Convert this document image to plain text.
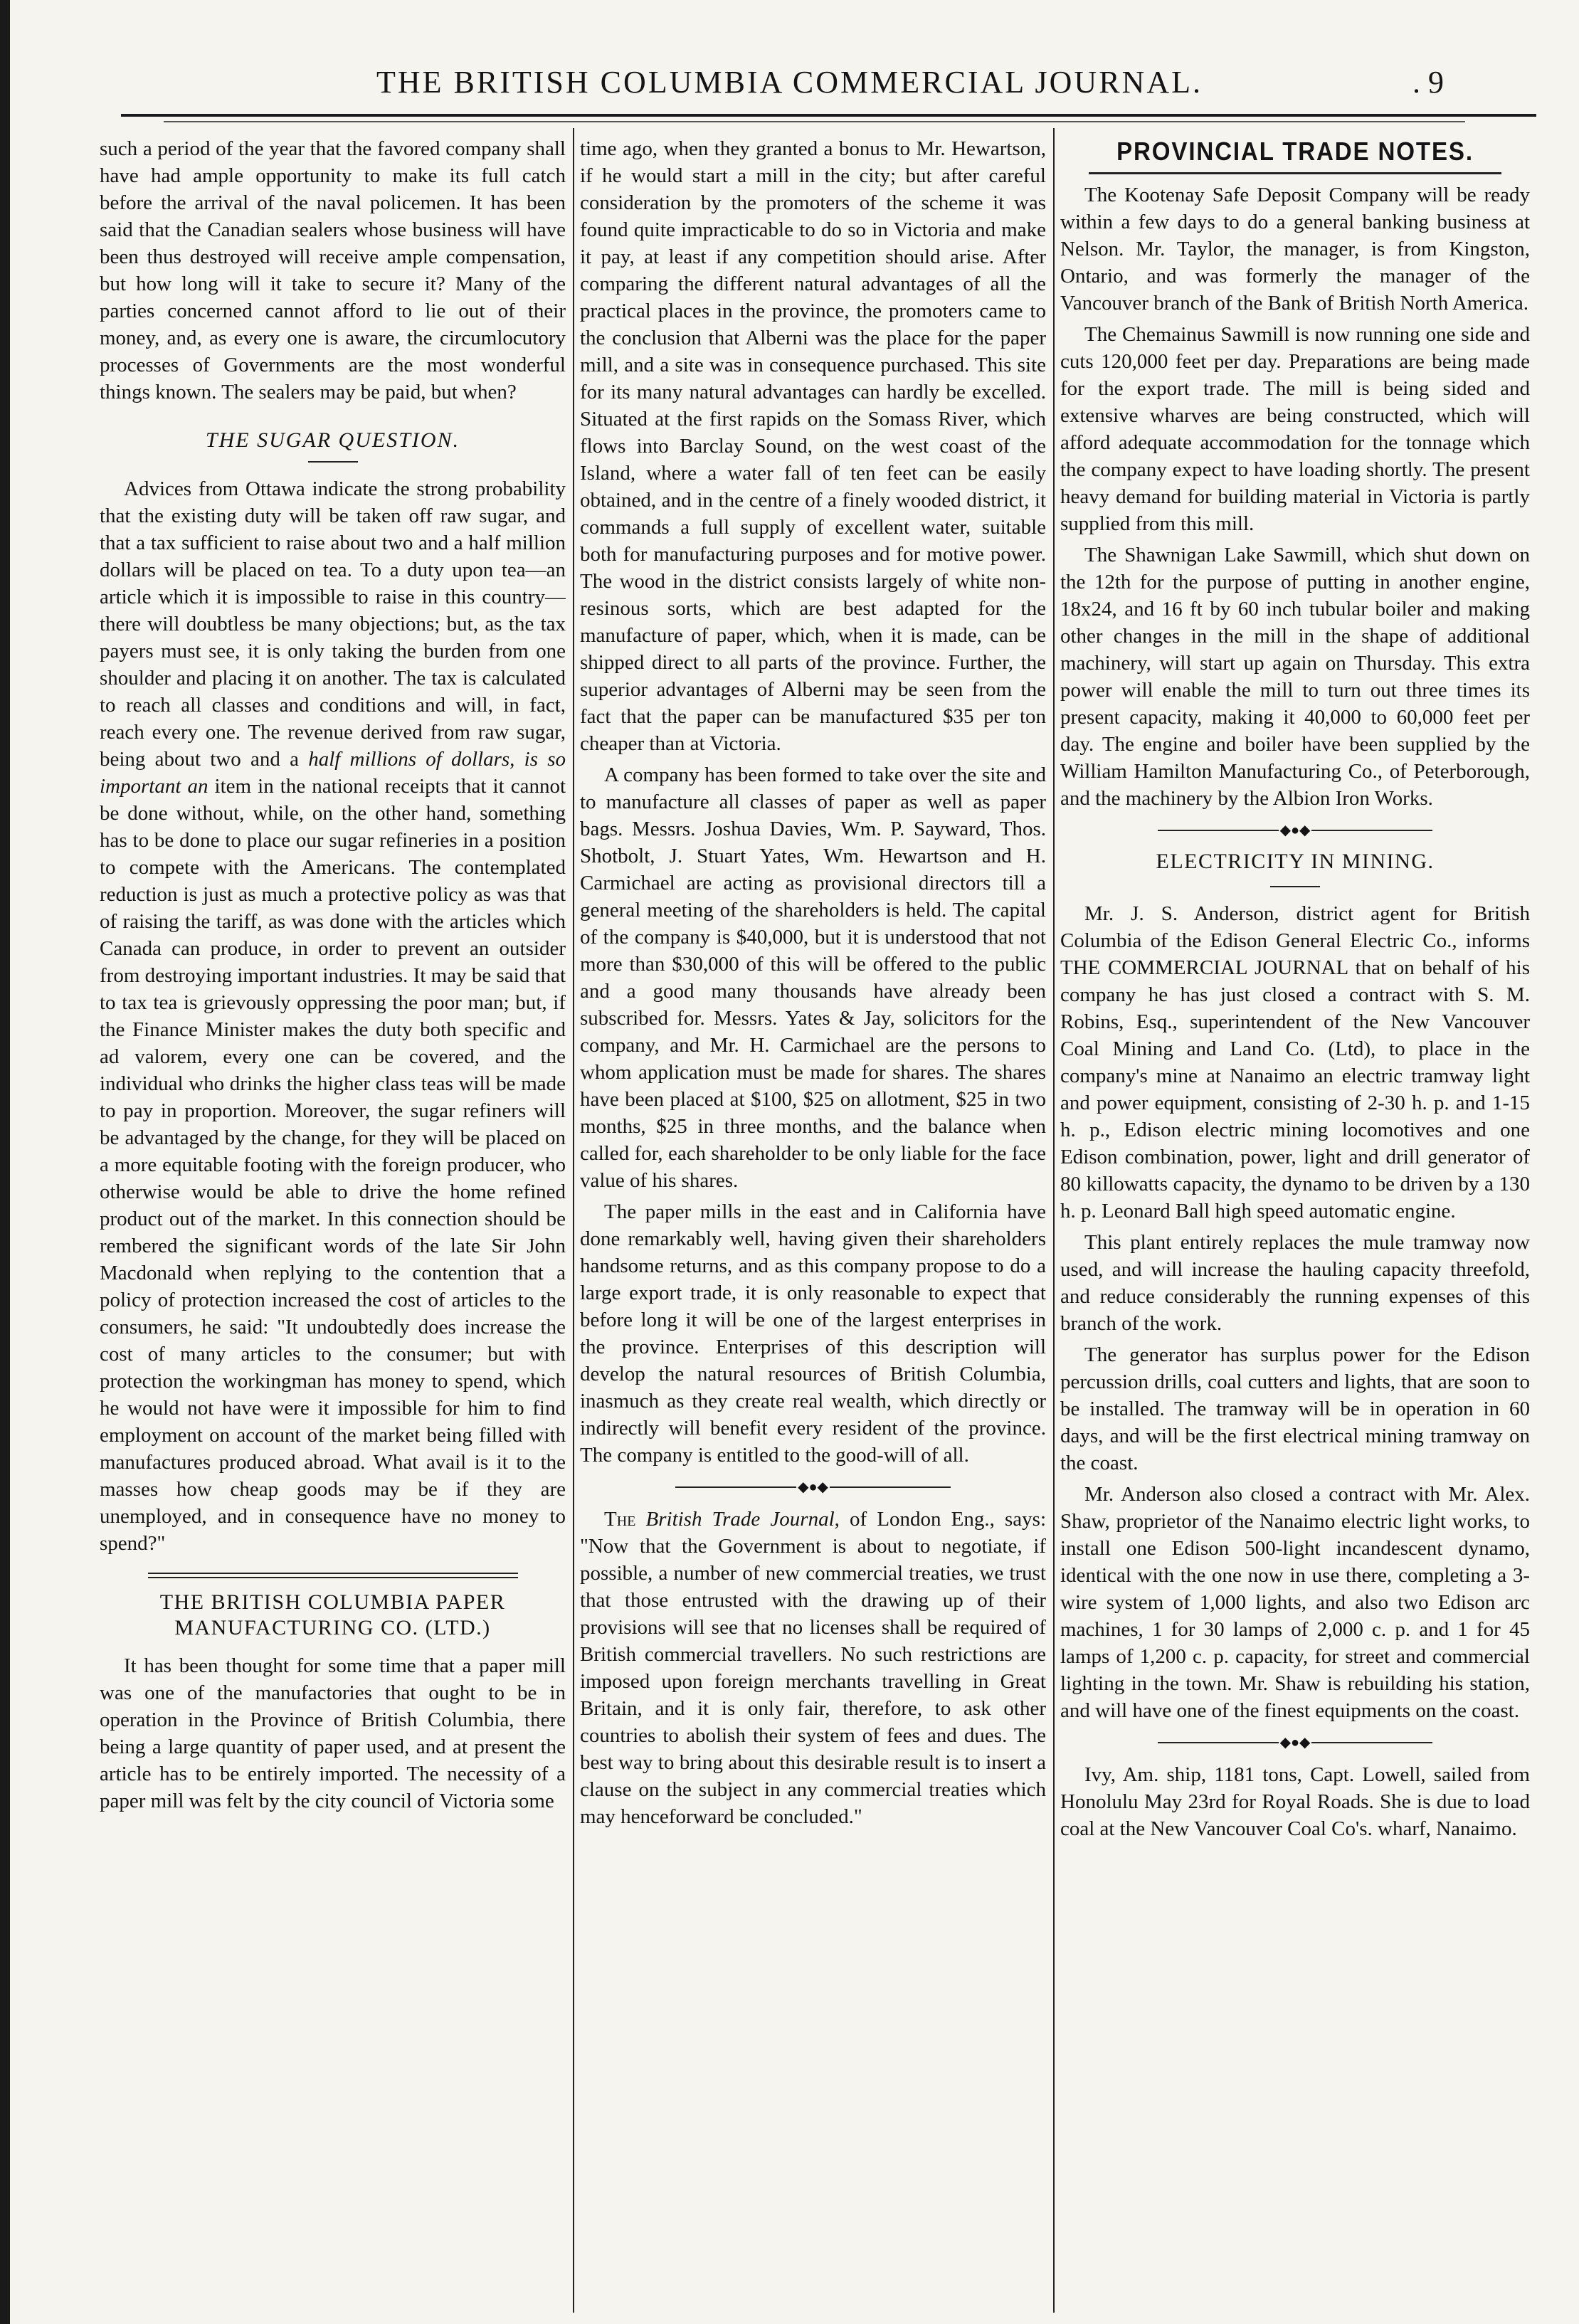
THE BRITISH COLUMBIA COMMERCIAL JOURNAL.	. 9

such a period of the year that the favored company shall have had ample opportunity to make its full catch before the arrival of the naval policemen. It has been said that the Canadian sealers whose business will have been thus destroyed will receive ample compensation, but how long will it take to secure it? Many of the parties concerned cannot afford to lie out of their money, and, as every one is aware, the circumlocutory processes of Governments are the most wonderful things known. The sealers may be paid, but when?

THE SUGAR QUESTION.

Advices from Ottawa indicate the strong probability that the existing duty will be taken off raw sugar, and that a tax sufficient to raise about two and a half million dollars will be placed on tea. To a duty upon tea—an article which it is impossible to raise in this country—there will doubtless be many objections; but, as the tax payers must see, it is only taking the burden from one shoulder and placing it on another. The tax is calculated to reach all classes and conditions and will, in fact, reach every one. The revenue derived from raw sugar, being about two and a half millions of dollars, is so important an item in the national receipts that it cannot be done without, while, on the other hand, something has to be done to place our sugar refineries in a position to compete with the Americans. The contemplated reduction is just as much a protective policy as was that of raising the tariff, as was done with the articles which Canada can produce, in order to prevent an outsider from destroying important industries. It may be said that to tax tea is grievously oppressing the poor man; but, if the Finance Minister makes the duty both specific and ad valorem, every one can be covered, and the individual who drinks the higher class teas will be made to pay in proportion. Moreover, the sugar refiners will be advantaged by the change, for they will be placed on a more equitable footing with the foreign producer, who otherwise would be able to drive the home refined product out of the market. In this connection should be rembered the significant words of the late Sir John Macdonald when replying to the contention that a policy of protection increased the cost of articles to the consumers, he said: "It undoubtedly does increase the cost of many articles to the consumer; but with protection the workingman has money to spend, which he would not have were it impossible for him to find employment on account of the market being filled with manufactures produced abroad. What avail is it to the masses how cheap goods may be if they are unemployed, and in consequence have no money to spend?"

THE BRITISH COLUMBIA PAPER
MANUFACTURING CO. (LTD.)

It has been thought for some time that a paper mill was one of the manufactories that ought to be in operation in the Province of British Columbia, there being a large quantity of paper used, and at present the article has to be entirely imported. The necessity of a paper mill was felt by the city council of Victoria some

time ago, when they granted a bonus to Mr. Hewartson, if he would start a mill in the city; but after careful consideration by the promoters of the scheme it was found quite impracticable to do so in Victoria and make it pay, at least if any competition should arise. After comparing the different natural advantages of all the practical places in the province, the promoters came to the conclusion that Alberni was the place for the paper mill, and a site was in consequence purchased. This site for its many natural advantages can hardly be excelled. Situated at the first rapids on the Somass River, which flows into Barclay Sound, on the west coast of the Island, where a water fall of ten feet can be easily obtained, and in the centre of a finely wooded district, it commands a full supply of excellent water, suitable both for manufacturing purposes and for motive power. The wood in the district consists largely of white non-resinous sorts, which are best adapted for the manufacture of paper, which, when it is made, can be shipped direct to all parts of the province. Further, the superior advantages of Alberni may be seen from the fact that the paper can be manufactured $35 per ton cheaper than at Victoria.

A company has been formed to take over the site and to manufacture all classes of paper as well as paper bags. Messrs. Joshua Davies, Wm. P. Sayward, Thos. Shotbolt, J. Stuart Yates, Wm. Hewartson and H. Carmichael are acting as provisional directors till a general meeting of the shareholders is held. The capital of the company is $40,000, but it is understood that not more than $30,000 of this will be offered to the public and a good many thousands have already been subscribed for. Messrs. Yates & Jay, solicitors for the company, and Mr. H. Carmichael are the persons to whom application must be made for shares. The shares have been placed at $100, $25 on allotment, $25 in two months, $25 in three months, and the balance when called for, each shareholder to be only liable for the face value of his shares.

The paper mills in the east and in California have done remarkably well, having given their shareholders handsome returns, and as this company propose to do a large export trade, it is only reasonable to expect that before long it will be one of the largest enterprises in the province. Enterprises of this description will develop the natural resources of British Columbia, inasmuch as they create real wealth, which directly or indirectly will benefit every resident of the province. The company is entitled to the good-will of all.

◆●◆

The British Trade Journal, of London Eng., says: "Now that the Government is about to negotiate, if possible, a number of new commercial treaties, we trust that those entrusted with the drawing up of their provisions will see that no licenses shall be required of British commercial travellers. No such restrictions are imposed upon foreign merchants travelling in Great Britain, and it is only fair, therefore, to ask other countries to abolish their system of fees and dues. The best way to bring about this desirable result is to insert a clause on the subject in any commercial treaties which may henceforward be concluded."

PROVINCIAL TRADE NOTES.

The Kootenay Safe Deposit Company will be ready within a few days to do a general banking business at Nelson. Mr. Taylor, the manager, is from Kingston, Ontario, and was formerly the manager of the Vancouver branch of the Bank of British North America.

The Chemainus Sawmill is now running one side and cuts 120,000 feet per day. Preparations are being made for the export trade. The mill is being sided and extensive wharves are being constructed, which will afford adequate accommodation for the tonnage which the company expect to have loading shortly. The present heavy demand for building material in Victoria is partly supplied from this mill.

The Shawnigan Lake Sawmill, which shut down on the 12th for the purpose of putting in another engine, 18x24, and 16 ft by 60 inch tubular boiler and making other changes in the mill in the shape of additional machinery, will start up again on Thursday. This extra power will enable the mill to turn out three times its present capacity, making it 40,000 to 60,000 feet per day. The engine and boiler have been supplied by the William Hamilton Manufacturing Co., of Peterborough, and the machinery by the Albion Iron Works.

◆●◆
ELECTRICITY IN MINING.

Mr. J. S. Anderson, district agent for British Columbia of the Edison General Electric Co., informs THE COMMERCIAL JOURNAL that on behalf of his company he has just closed a contract with S. M. Robins, Esq., superintendent of the New Vancouver Coal Mining and Land Co. (Ltd), to place in the company's mine at Nanaimo an electric tramway light and power equipment, consisting of 2-30 h. p. and 1-15 h. p., Edison electric mining locomotives and one Edison combination, power, light and drill generator of 80 killowatts capacity, the dynamo to be driven by a 130 h. p. Leonard Ball high speed automatic engine.

This plant entirely replaces the mule tramway now used, and will increase the hauling capacity threefold, and reduce considerably the running expenses of this branch of the work.

The generator has surplus power for the Edison percussion drills, coal cutters and lights, that are soon to be installed. The tramway will be in operation in 60 days, and will be the first electrical mining tramway on the coast.

Mr. Anderson also closed a contract with Mr. Alex. Shaw, proprietor of the Nanaimo electric light works, to install one Edison 500-light incandescent dynamo, identical with the one now in use there, completing a 3-wire system of 1,000 lights, and also two Edison arc machines, 1 for 30 lamps of 2,000 c. p. and 1 for 45 lamps of 1,200 c. p. capacity, for street and commercial lighting in the town. Mr. Shaw is rebuilding his station, and will have one of the finest equipments on the coast.

◆●◆

Ivy, Am. ship, 1181 tons, Capt. Lowell, sailed from Honolulu May 23rd for Royal Roads. She is due to load coal at the New Vancouver Coal Co's. wharf, Nanaimo.
